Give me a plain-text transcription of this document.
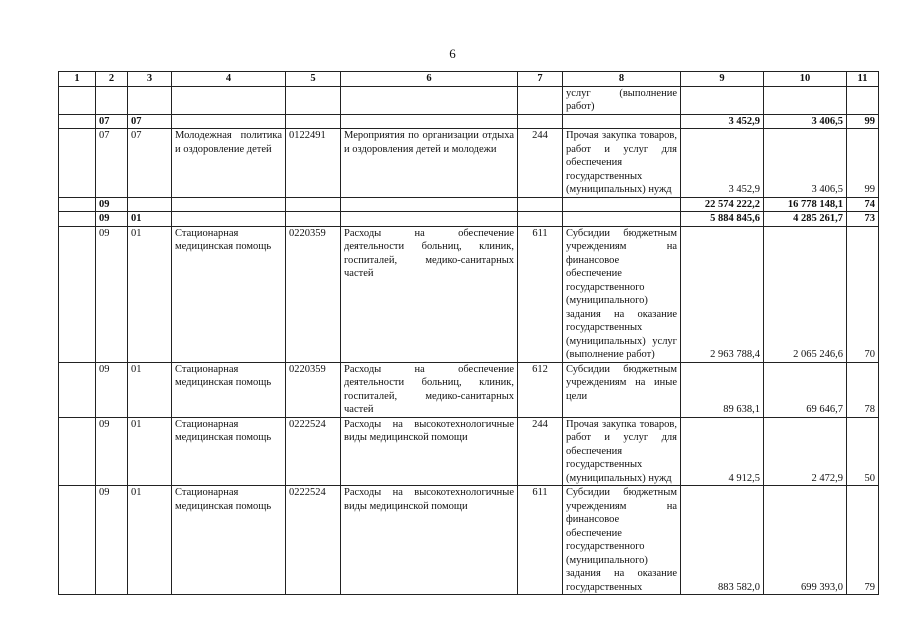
6
1	2	3	4	5	6	7	8	9	10	11
							услуг (выполнение работ)			
	07	07						3 452,9	3 406,5	99
	07	07	Молодежная политика и оздоровление детей	0122491	Мероприятия по организации отдыха и оздоровления детей и молодежи	244	Прочая закупка товаров, работ и услуг для обеспечения государственных (муниципальных) нужд	3 452,9	3 406,5	99
	09							22 574 222,2	16 778 148,1	74
	09	01						5 884 845,6	4 285 261,7	73
	09	01	Стационарная медицинская помощь	0220359	Расходы на обеспечение деятельности больниц, клиник, госпиталей, медико-санитарных частей	611	Субсидии бюджетным учреждениям на финансовое обеспечение государственного (муниципального) задания на оказание государственных (муниципальных) услуг (выполнение работ)	2 963 788,4	2 065 246,6	70
	09	01	Стационарная медицинская помощь	0220359	Расходы на обеспечение деятельности больниц, клиник, госпиталей, медико-санитарных частей	612	Субсидии бюджетным учреждениям на иные цели	89 638,1	69 646,7	78
	09	01	Стационарная медицинская помощь	0222524	Расходы на высокотехнологичные виды медицинской помощи	244	Прочая закупка товаров, работ и услуг для обеспечения государственных (муниципальных) нужд	4 912,5	2 472,9	50
	09	01	Стационарная медицинская помощь	0222524	Расходы на высокотехнологичные виды медицинской помощи	611	Субсидии бюджетным учреждениям на финансовое обеспечение государственного (муниципального) задания на оказание государственных	883 582,0	699 393,0	79
